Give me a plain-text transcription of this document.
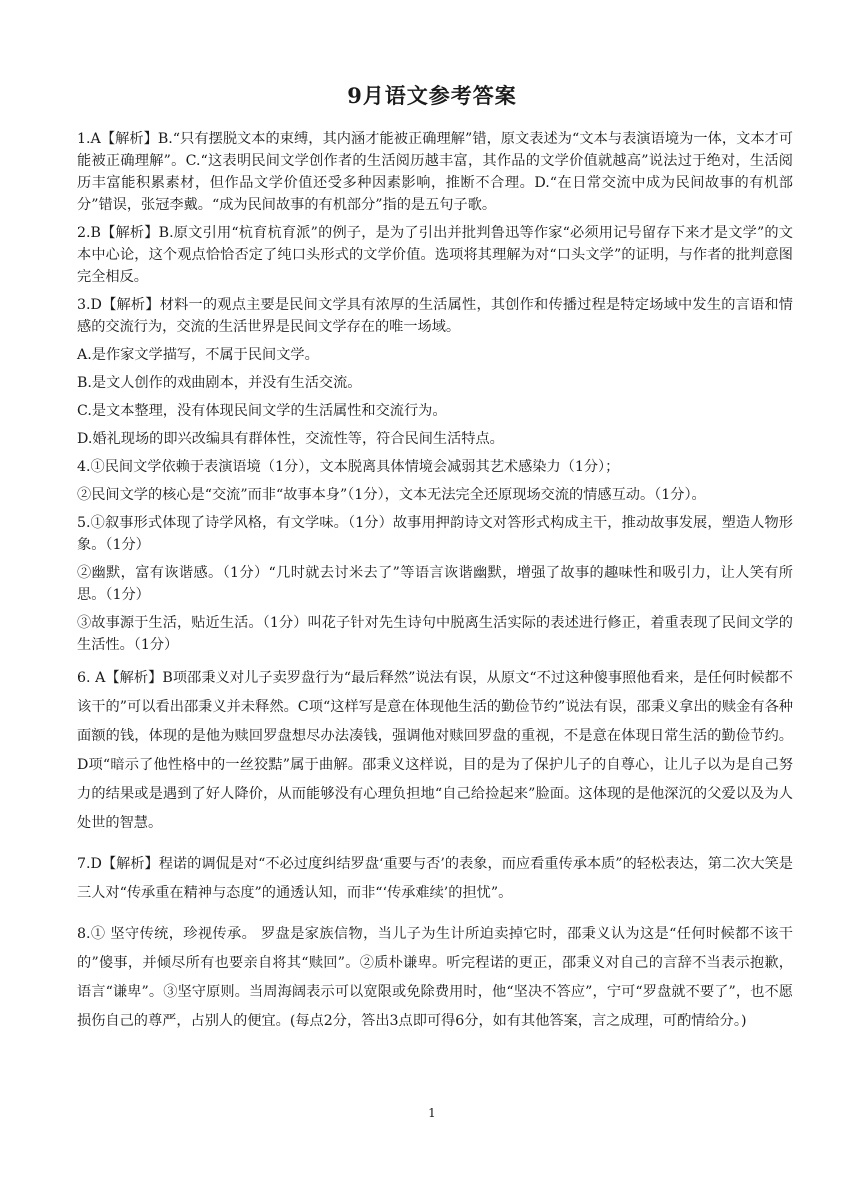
9月语文参考答案

1.A【解析】B.“只有摆脱文本的束缚，其内涵才能被正确理解”错，原文表述为“文本与表演语境为一体，文本才可能被正确理解”。C.“这表明民间文学创作者的生活阅历越丰富，其作品的文学价值就越高”说法过于绝对，生活阅历丰富能积累素材，但作品文学价值还受多种因素影响，推断不合理。D.“在日常交流中成为民间故事的有机部分”错误，张冠李戴。“成为民间故事的有机部分”指的是五句子歌。

2.B【解析】B.原文引用“杭育杭育派”的例子，是为了引出并批判鲁迅等作家“必须用记号留存下来才是文学”的文本中心论，这个观点恰恰否定了纯口头形式的文学价值。选项将其理解为对“口头文学”的证明，与作者的批判意图完全相反。

3.D【解析】材料一的观点主要是民间文学具有浓厚的生活属性，其创作和传播过程是特定场域中发生的言语和情感的交流行为，交流的生活世界是民间文学存在的唯一场域。

A.是作家文学描写，不属于民间文学。

B.是文人创作的戏曲剧本，并没有生活交流。

C.是文本整理，没有体现民间文学的生活属性和交流行为。

D.婚礼现场的即兴改编具有群体性，交流性等，符合民间生活特点。

4.①民间文学依赖于表演语境（1分），文本脱离具体情境会减弱其艺术感染力（1分）；

②民间文学的核心是“交流”而非“故事本身”（1分），文本无法完全还原现场交流的情感互动。（1分）。

5.①叙事形式体现了诗学风格，有文学味。（1分）故事用押韵诗文对答形式构成主干，推动故事发展，塑造人物形象。（1分）

②幽默，富有诙谐感。（1分）“几时就去讨米去了”等语言诙谐幽默，增强了故事的趣味性和吸引力，让人笑有所思。（1分）

③故事源于生活，贴近生活。（1分）叫花子针对先生诗句中脱离生活实际的表述进行修正，着重表现了民间文学的生活性。（1分）

6. A【解析】B项邵秉义对儿子卖罗盘行为“最后释然”说法有误，从原文“不过这种傻事照他看来，是任何时候都不该干的”可以看出邵秉义并未释然。C项“这样写是意在体现他生活的勤俭节约”说法有误，邵秉义拿出的赎金有各种面额的钱，体现的是他为赎回罗盘想尽办法凑钱，强调他对赎回罗盘的重视，不是意在体现日常生活的勤俭节约。D项“暗示了他性格中的一丝狡黠”属于曲解。邵秉义这样说，目的是为了保护儿子的自尊心，让儿子以为是自己努力的结果或是遇到了好人降价，从而能够没有心理负担地“自己给捡起来”脸面。这体现的是他深沉的父爱以及为人处世的智慧。

7.D【解析】程诺的调侃是对“不必过度纠结罗盘‘重要与否’的表象，而应看重传承本质”的轻松表达，第二次大笑是三人对“传承重在精神与态度”的通透认知，而非“‘传承难续’的担忧”。

8.① 坚守传统，珍视传承。 罗盘是家族信物，当儿子为生计所迫卖掉它时，邵秉义认为这是“任何时候都不该干的”傻事，并倾尽所有也要亲自将其“赎回”。②质朴谦卑。听完程诺的更正，邵秉义对自己的言辞不当表示抱歉，语言“谦卑”。③坚守原则。当周海阔表示可以宽限或免除费用时，他“坚决不答应”，宁可“罗盘就不要了”，也不愿损伤自己的尊严，占别人的便宜。(每点2分，答出3点即可得6分，如有其他答案，言之成理，可酌情给分。)

1
